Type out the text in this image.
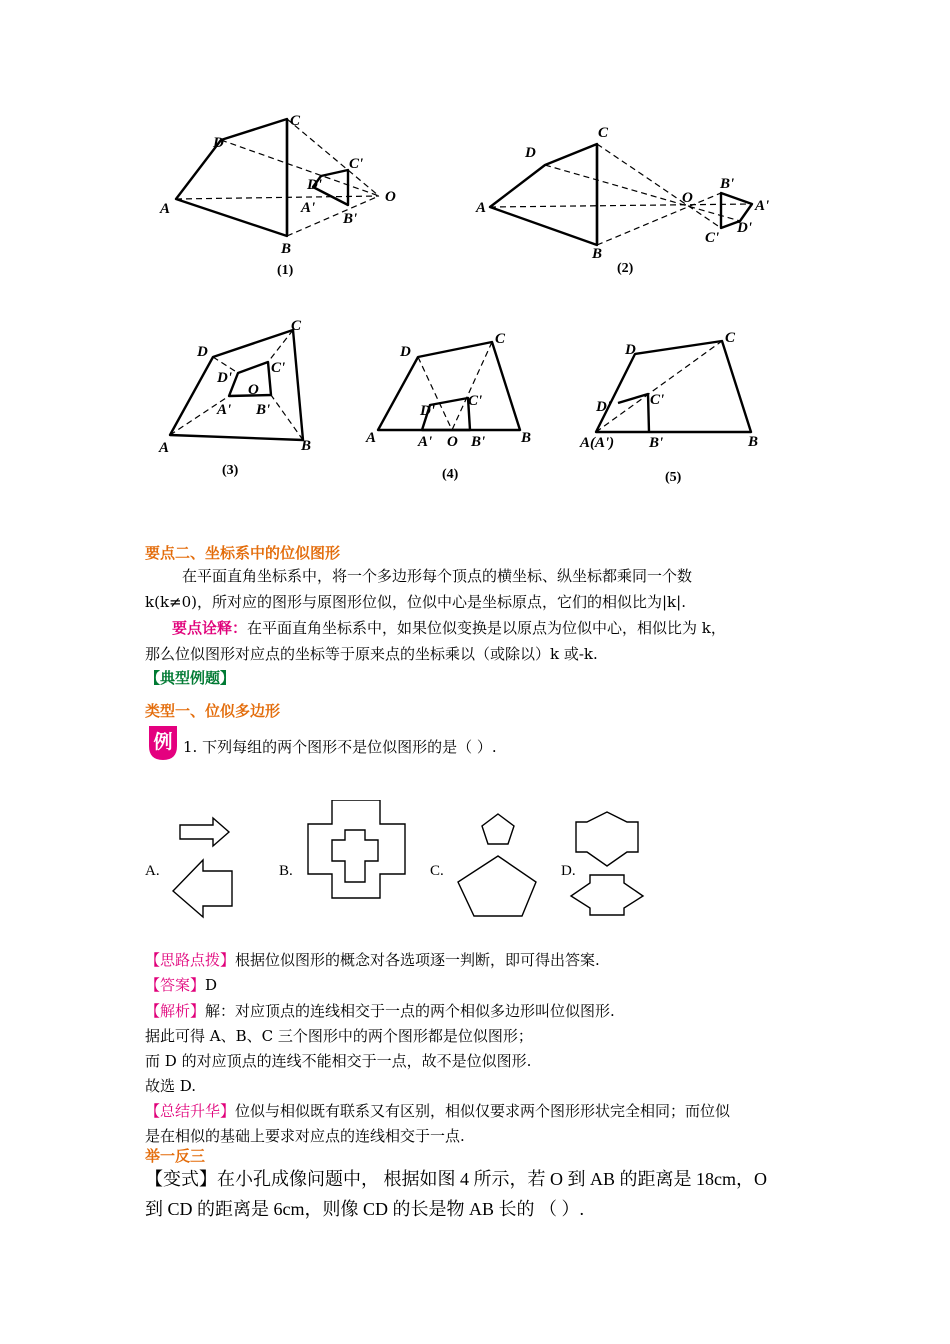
D
C
A
B
O
C'
D'
A'
B'
D
C
A
B
O
B'
A'
D'
C'
D
C
A	B
D'
C'
O
A' B'
D
C
A	B
D'
C'
A' O B'
D
C
D'	C'
A(A') B'	B
(1)	(2)
(3)	(4)	(5)
要点二、坐标系中的位似图形
在平面直角坐标系中，将一个多边形每个顶点的横坐标、纵坐标都乘同一个数
k(k≠0)，所对应的图形与原图形位似，位似中心是坐标原点，它们的相似比为|k|.
要点诠释：在平面直角坐标系中，如果位似变换是以原点为位似中心，相似比为 k，
那么位似图形对应点的坐标等于原来点的坐标乘以（或除以）k 或-k.
【典型例题】
类型一、位似多边形
例 1. 下列每组的两个图形不是位似图形的是（ ）.
A.	B.	C.	D.
【思路点拨】根据位似图形的概念对各选项逐一判断，即可得出答案.
【答案】D
【解析】解：对应顶点的连线相交于一点的两个相似多边形叫位似图形.
据此可得 A、B、C 三个图形中的两个图形都是位似图形；
而 D 的对应顶点的连线不能相交于一点，故不是位似图形.
故选 D.
【总结升华】位似与相似既有联系又有区别，相似仅要求两个图形形状完全相同；而位似
是在相似的基础上要求对应点的连线相交于一点.
举一反三
【变式】在小孔成像问题中， 根据如图 4 所示，若 O 到 AB 的距离是 18cm，O
到 CD 的距离是 6cm，则像 CD 的长是物 AB 长的 （ ）.
